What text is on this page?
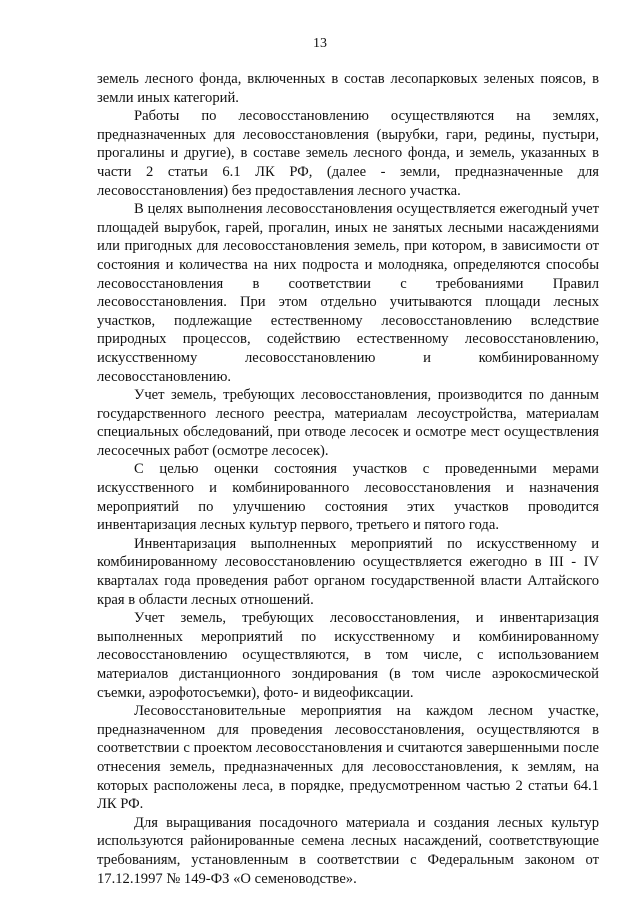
13

земель лесного фонда, включенных в состав лесопарковых зеленых поясов, в земли иных категорий.

Работы по лесовосстановлению осуществляются на землях, предназначенных для лесовосстановления (вырубки, гари, редины, пустыри, прогалины и другие), в составе земель лесного фонда, и земель, указанных в части 2 статьи 6.1 ЛК РФ, (далее - земли, предназначенные для лесовосстановления) без предоставления лесного участка.

В целях выполнения лесовосстановления осуществляется ежегодный учет площадей вырубок, гарей, прогалин, иных не занятых лесными насаждениями или пригодных для лесовосстановления земель, при котором, в зависимости от состояния и количества на них подроста и молодняка, определяются способы лесовосстановления в соответствии с требованиями Правил лесовосстановления. При этом отдельно учитываются площади лесных участков, подлежащие естественному лесовосстановлению вследствие природных процессов, содействию естественному лесовосстановлению, искусственному лесовосстановлению и комбинированному лесовосстановлению.

Учет земель, требующих лесовосстановления, производится по данным государственного лесного реестра, материалам лесоустройства, материалам специальных обследований, при отводе лесосек и осмотре мест осуществления лесосечных работ (осмотре лесосек).

С целью оценки состояния участков с проведенными мерами искусственного и комбинированного лесовосстановления и назначения мероприятий по улучшению состояния этих участков проводится инвентаризация лесных культур первого, третьего и пятого года.

Инвентаризация выполненных мероприятий по искусственному и комбинированному лесовосстановлению осуществляется ежегодно в III - IV кварталах года проведения работ органом государственной власти Алтайского края в области лесных отношений.

Учет земель, требующих лесовосстановления, и инвентаризация выполненных мероприятий по искусственному и комбинированному лесовосстановлению осуществляются, в том числе, с использованием материалов дистанционного зондирования (в том числе аэрокосмической съемки, аэрофотосъемки), фото- и видеофиксации.

Лесовосстановительные мероприятия на каждом лесном участке, предназначенном для проведения лесовосстановления, осуществляются в соответствии с проектом лесовосстановления и считаются завершенными после отнесения земель, предназначенных для лесовосстановления, к землям, на которых расположены леса, в порядке, предусмотренном частью 2 статьи 64.1 ЛК РФ.

Для выращивания посадочного материала и создания лесных культур используются районированные семена лесных насаждений, соответствующие требованиям, установленным в соответствии с Федеральным законом от 17.12.1997 № 149-ФЗ «О семеноводстве».
